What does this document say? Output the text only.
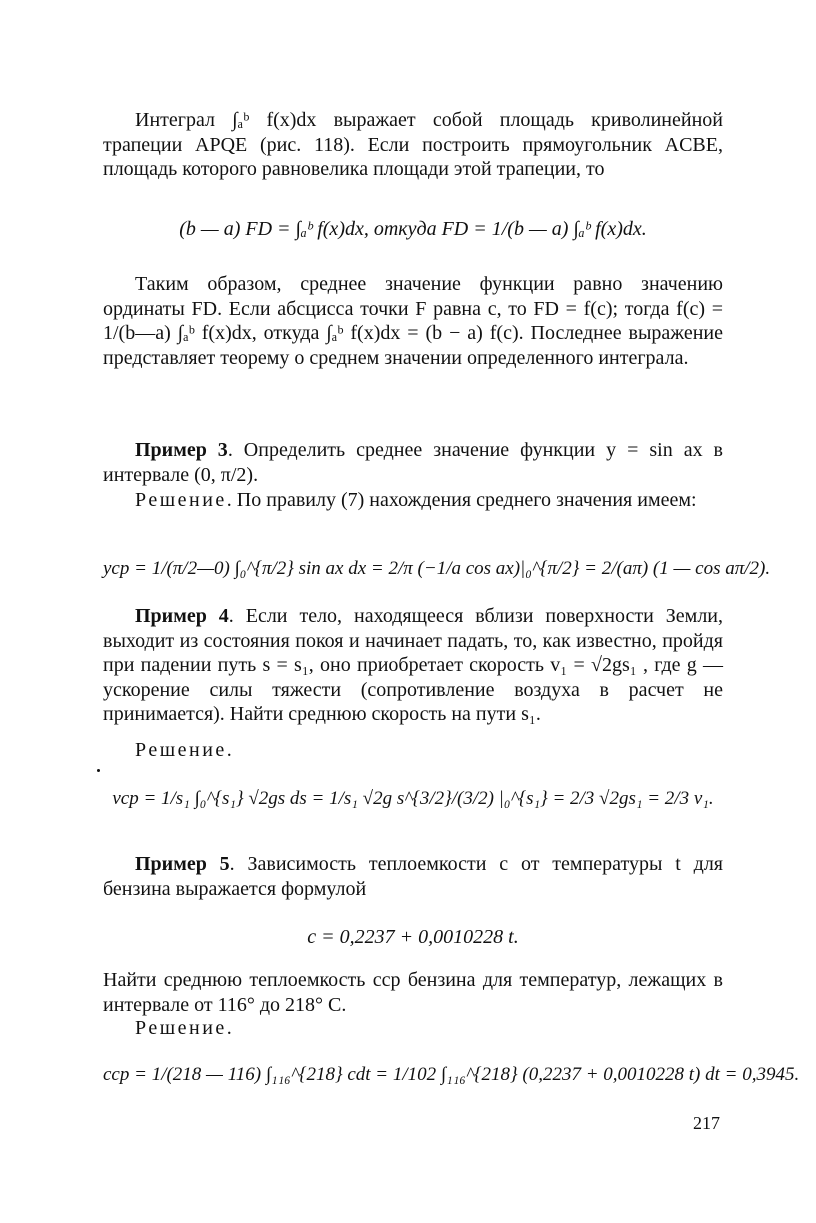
Интеграл ∫ₐᵇ f(x)dx выражает собой площадь криволинейной трапеции APQE (рис. 118). Если построить прямоугольник ACBE, площадь которого равновелика площади этой трапеции, то

(b — a) FD = ∫ₐᵇ f(x)dx, откуда FD = 1/(b — a) ∫ₐᵇ f(x)dx.

Таким образом, среднее значение функции равно значению ординаты FD. Если абсцисса точки F равна c, то FD = f(c); тогда f(c) = 1/(b—a) ∫ₐᵇ f(x)dx, откуда ∫ₐᵇ f(x)dx = (b − a) f(c). Последнее выражение представляет теорему о среднем значении определенного интеграла.

Пример 3. Определить среднее значение функции y = sin ax в интервале (0, π/2).

Решение. По правилу (7) нахождения среднего значения имеем:

yср = 1/(π/2—0) ∫₀^{π/2} sin ax dx = 2/π (−1/a cos ax)|₀^{π/2} = 2/(aπ) (1 — cos aπ/2).

Пример 4. Если тело, находящееся вблизи поверхности Земли, выходит из состояния покоя и начинает падать, то, как известно, пройдя при падении путь s = s₁, оно приобретает скорость v₁ = √2gs₁ , где g — ускорение силы тяжести (сопротивление воздуха в расчет не принимается). Найти среднюю скорость на пути s₁.

Решение.

vср = 1/s₁ ∫₀^{s₁} √2gs ds = 1/s₁ √2g s^{3/2}/(3/2) |₀^{s₁} = 2/3 √2gs₁ = 2/3 v₁.

Пример 5. Зависимость теплоемкости c от температуры t для бензина выражается формулой

c = 0,2237 + 0,0010228 t.

Найти среднюю теплоемкость cср бензина для температур, лежащих в интервале от 116° до 218° C.

Решение.

cср = 1/(218 — 116) ∫₁₁₆^{218} cdt = 1/102 ∫₁₁₆^{218} (0,2237 + 0,0010228 t) dt = 0,3945.
217
